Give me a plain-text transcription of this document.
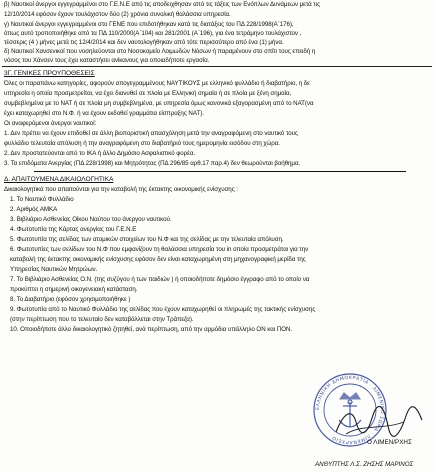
β) Ναυτικοί άνεργοι εγγεγραμμένοι στο Γ.Ε.Ν.Ε από τις αποδειχθησαν από τις τάξεις των Ενόπλων Δυνάμεων μετά τις
12/10/2014 εφόσον έχουν τουλάχιστον δύο (2) χρόνια συνολική θαλάσσια υπηρεσία.
γ) Ναυτικοί άνεργοι εγγεγραμμένοι στο ΓΕΝΕ που επιδοτήθηκαν κατά τις διατάξεις του ΠΔ 228/1998(Α΄176),
όπως αυτό τροποποιήθηκε από τα ΠΔ 110/2000(Α΄104) και 281/2001 (Α΄196), για ένα τετράμηνο τουλάχιστον ,
τέσσερις (4 ) μήνες μετά τις 12/4/2014 και δεν ναυτολογήθηκαν από τότε περισσότερο από ένα (1) μήνα.
δ) Ναυτικοί Χανσενικοί που νοσηλεύονται στο Νοσοκομείο Λοιμωδών Νόσων ή παραμένουν στο σπίτι τους επειδή η
νόσος του Χάνσεν τους έχει καταστήσει ανίκανους για οποιαδήποτε εργασία.
3Γ. ΓΕΝΙΚΕΣ ΠΡΟΥΠΟΘΕΣΕΙΣ
Όλες οι παραπάνω κατηγορίες, αφορούν απογεγραμμένους ΝΑΥΤΙΚΟΥΣ με ελληνικό φυλλάδιο ή διαβατήριο, η δε
υπηρεσία η οποία προσμετρείται, να έχει διανυθεί σε πλοία με Ελληνική σημαία ή σε πλοία με ξένη σημαία,
συμβεβλημένα με το ΝΑΤ ή σε πλοία μη συμβεβλημένα, με υπηρεσία όμως κανονικά εξαγορασμένη από το ΝΑΤ(να
έχει καταχωρηθεί στο Ν.Φ. ή να έχουν εκδοθεί γραμμάτια είσπραξης ΝΑΤ).
Οι αναφερόμενοι άνεργοι ναυτικοί:
1. Δεν πρέπει να έχουν επιδοθεί σε άλλη βιοποριστική απασχόληση μετά την αναγραφόμενη στο ναυτικό τους
φυλλάδιο τελευταία απόλυση ή την αναγραφόμενη στο διαβατήριό τους ημερομηνία εισόδου στη χώρα.
2. Δεν προστατεύονται από το ΙΚΑ ή άλλο Δημόσιο Ασφαλιστικό φορέα.
3. Τα επιδόματα Ανεργίας (ΠΔ 228/1998) και Μητρότητας (ΠΔ 296/85 αρθ.17 παρ.4) δεν θεωρούνται βοήθημα.
Δ. ΑΠΑΙΤΟΥΜΕΝΑ ΔΙΚΑΙΟΛΟΓΗΤΙΚΑ
Δικαιολογητικά που απαιτούνται για την καταβολή της έκτακτης οικονομικής ενίσχυσης :
1. Το Ναυτικό Φυλλάδιο
2. Αριθμός ΑΜΚΑ
3. Βιβλιάριο Ασθενείας Οίκου Ναύτου του άνεργου ναυτικού.
4. Φωτοτυπία της Κάρτας ανεργίας του Γ.Ε.Ν.Ε
5. Φωτοτυπία της σελίδας των ατομικών στοιχείων του Ν.Φ και της σελίδας με την τελευταία απόλυση.
6. Φωτοτυπίες των σελίδων του Ν.Φ που εμφανίζουν τη θαλάσσια υπηρεσία του in οποία προσμετράται για την
καταβολή της έκτακτης οικονομικής ενίσχυσης εφόσον δεν είναι καταχωρημένη στη μηχανογραφική μερίδα της
Υπηρεσίας Ναυτικών Μητρώων.
7. Το Βιβλιάριο Ασθενείας Ο.Ν. (της συζύγου ή των παιδιών ) ή οποιοδήποτε δημόσιο έγγραφο από το οποίο να
προκύπτει η σημερινή οικογενειακή κατάσταση.
8. Το Διαβατήριο (εφόσον χρησιμοποιήθηκε )
9. Φωτοτυπία από το Ναυτικό Φυλλάδιο της σελίδας που έχουν καταχωρηθεί οι πληρωμές της τακτικής ενίσχυσης
(στην περίπτωση που το τελευταίο δεν καταβάλλεται στην Τράπεζα).
10. Οποιοδήποτε άλλο δικαιολογητικό ζητηθεί, ανά περίπτωση, από την αρμόδια υπάλληλο ΟΝ και ΠΟΝ.
ΕΛΛΗΝΙΚΗ ΔΗΜΟΚΡΑΤΙΑ · ΛΙΜΕΝΙΚΟ ΣΩΜΑ · ΛΙΜΕΝΑΡΧΕΙΟ
Ο ΛΙΜΕΝ/ΡΧΗΣ
ΑΝΘΥΠΤΗΣ Λ.Σ. ΖΗΣΗΣ ΜΑΡΙΝΟΣ
